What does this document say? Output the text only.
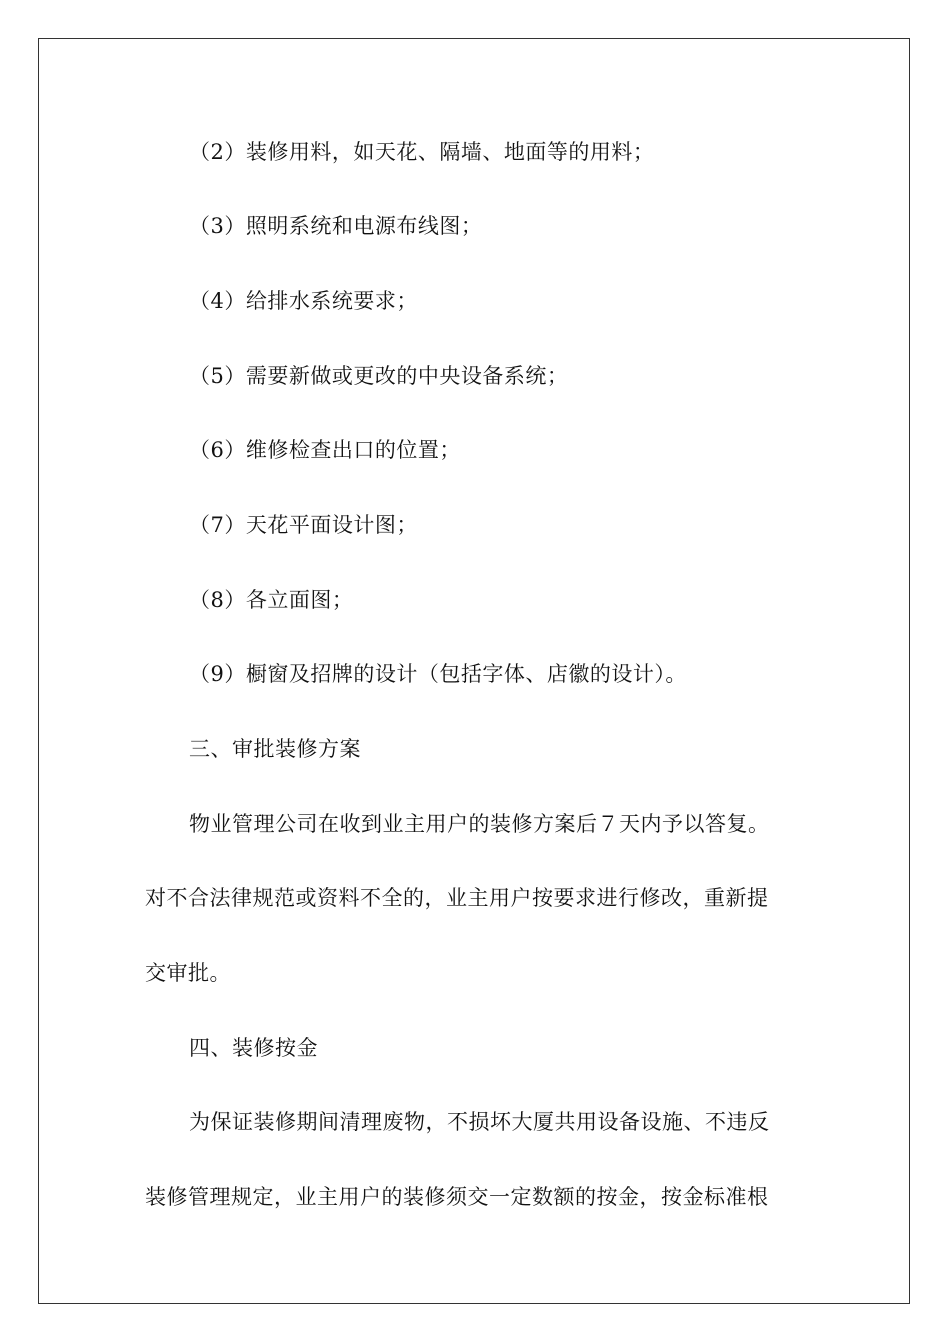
（2）装修用料，如天花、隔墙、地面等的用料；
（3）照明系统和电源布线图；
（4）给排水系统要求；
（5）需要新做或更改的中央设备系统；
（6）维修检查出口的位置；
（7）天花平面设计图；
（8）各立面图；
（9）橱窗及招牌的设计（包括字体、店徽的设计）。
三、审批装修方案
物业管理公司在收到业主用户的装修方案后７天内予以答复。
对不合法律规范或资料不全的，业主用户按要求进行修改，重新提
交审批。
四、装修按金
为保证装修期间清理废物，不损坏大厦共用设备设施、不违反
装修管理规定，业主用户的装修须交一定数额的按金，按金标准根
